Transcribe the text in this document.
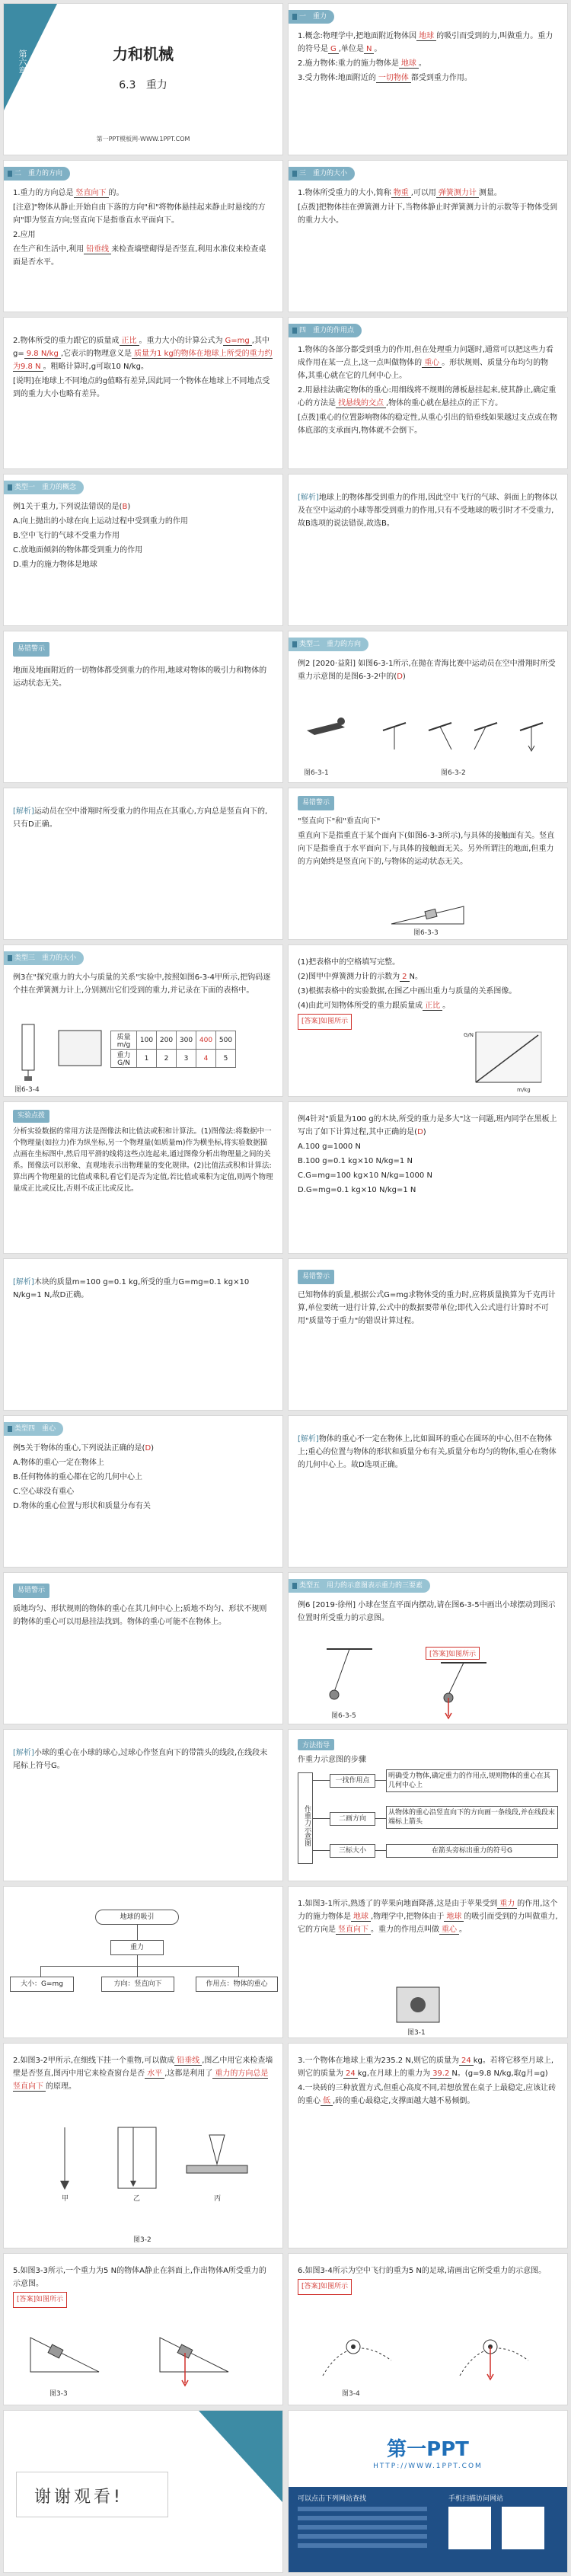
第六章	力和机械
6.3 重力
第一PPT模板网-WWW.1PPT.COM
一　重力

1.概念:物理学中,把地面附近物体因 地球 的吸引而受到的力,叫做重力。重力的符号是 G ,单位是 N 。

2.施力物体:重力的施力物体是 地球 。

3.受力物体:地面附近的 一切物体 都受到重力作用。

二　重力的方向

1.重力的方向总是 竖直向下 的。

[注意]"物体从静止开始自由下落的方向"和"将物体悬挂起来静止时悬线的方向"即为竖直方向;竖直向下是指垂直水平面向下。

2.应用

在生产和生活中,利用 铅垂线 来检查墙壁砌得是否竖直,利用水准仪来检查桌面是否水平。

三　重力的大小

1.物体所受重力的大小,简称 物重 ,可以用 弹簧测力计 测量。

[点拨]把物体挂在弹簧测力计下,当物体静止时弹簧测力计的示数等于物体受到的重力大小。

2.物体所受的重力跟它的质量成 正比 。重力大小的计算公式为 G=mg ,其中g= 9.8 N/kg ,它表示的物理意义是 质量为1 kg的物体在地球上所受的重力约为9.8 N 。粗略计算时,g可取10 N/kg。

[说明]在地球上不同地点的g值略有差异,因此同一个物体在地球上不同地点受到的重力大小也略有差异。

四　重力的作用点

1.物体的各部分都受到重力的作用,但在处理重力问题时,通常可以把这些力看成作用在某一点上,这一点叫做物体的 重心 。形状规则、质量分布均匀的物体,其重心就在它的几何中心上。

2.用悬挂法确定物体的重心:用细线将不规则的薄板悬挂起来,使其静止,确定重心的方法是 找悬线的交点 ,物体的重心就在悬挂点的正下方。

[点拨]重心的位置影响物体的稳定性,从重心引出的铅垂线如果越过支点或在物体底部的支承面内,物体就不会倒下。

类型一　重力的概念

例1关于重力,下列说法错误的是(B)

A.向上抛出的小球在向上运动过程中受到重力的作用

B.空中飞行的气球不受重力作用

C.放地面倾斜的物体都受到重力的作用

D.重力的施力物体是地球

[解析]地球上的物体都受到重力的作用,因此空中飞行的气球、斜面上的物体以及在空中运动的小球等都受到重力的作用,只有不受地球的吸引时才不受重力,故B选项的说法错误,故选B。

易错警示

地面及地面附近的一切物体都受到重力的作用,地球对物体的吸引力和物体的运动状态无关。

类型二　重力的方向

例2 [2020·益阳] 如图6-3-1所示,在抛在青海比赛中运动员在空中滑翔时所受重力示意图的是图6-3-2中的(D)

图6-3-1	图6-3-2

[解析]运动员在空中滑翔时所受重力的作用点在其重心,方向总是竖直向下的,只有D正确。

易错警示

"竖直向下"和"垂直向下"

重直向下是指重直于某个面向下(如图6-3-3所示),与具体的接触面有关。竖直向下是指垂直于水平面向下,与具体的接触面无关。另外所谓注的地面,但重力的方向始终是竖直向下的,与物体的运动状态无关。

图6-3-3
类型三　重力的大小

例3在"探究重力的大小与质量的关系"实验中,按照如图6-3-4甲所示,把钩码逐个挂在弹簧测力计上,分别测出它们受到的重力,并记录在下面的表格中。

质量m/g	100	200	300	400	500
重力G/N	1	2	3	4	5
图6-3-4

(1)把表格中的空格填写完整。

(2)图甲中弹簧测力计的示数为 2 N。

(3)根据表格中的实验数据,在图乙中画出重力与质量的关系图像。

(4)由此可知物体所受的重力跟质量成 正比 。

[答案]如图所示

m/kg
G/N

实验点拨

分析实验数据的常用方法是图像法和比值法或积和计算法。(1)图像法:将数据中一个物理量(如拉力)作为纵坐标,另一个物理量(如质量m)作为横坐标,将实验数据描点画在坐标图中,然后用平滑的线将这些点连起来,通过图像分析出物理量之间的关系。图像法可以形象、直观地表示出物理量的变化规律。(2)比值法或积和计算法:算出两个物理量的比值或乘积,看它们是否为定值,若比值或乘积为定值,则两个物理量成正比或反比,否则不成正比或反比。

例4针对"质量为100 g的木块,所受的重力是多大"这一问题,班内同学在黑板上写出了如下计算过程,其中正确的是(D)

A.100 g=1000 N

B.100 g=0.1 kg×10 N/kg=1 N

C.G=mg=100 kg×10 N/kg=1000 N

D.G=mg=0.1 kg×10 N/kg=1 N

[解析]木块的质量m=100 g=0.1 kg,所受的重力G=mg=0.1 kg×10 N/kg=1 N,故D正确。

易错警示

已知物体的质量,根据公式G=mg求物体受的重力时,应将质量换算为千克再计算,单位要统一进行计算,公式中的数据要带单位;即代入公式进行计算时不可用"质量等于重力"的错误计算过程。

类型四　重心

例5关于物体的重心,下列说法正确的是(D)

A.物体的重心一定在物体上

B.任何物体的重心都在它的几何中心上

C.空心球没有重心

D.物体的重心位置与形状和质量分布有关

[解析]物体的重心不一定在物体上,比如圆环的重心在圆环的中心,但不在物体上;重心的位置与物体的形状和质量分布有关,质量分布均匀的物体,重心在物体的几何中心上。故D选项正确。

易错警示

质地均匀、形状规则的物体的重心在其几何中心上;质地不均匀、形状不规则的物体的重心可以用悬挂法找到。物体的重心可能不在物体上。

类型五　用力的示意图表示重力的三要素

例6 [2019·徐州] 小球在竖直平面内摆动,请在图6-3-5中画出小球摆动到图示位置时所受重力的示意图。

图6-3-5
[答案]如图所示

[解析]小球的重心在小球的球心,过球心作竖直向下的带箭头的线段,在线段末尾标上符号G。

方法指导
作重力示意图的步骤
作重力示意图
一找作用点
二画方向
三标大小
明确受力物体,确定重力的作用点,规则物体的重心在其几何中心上
从物体的重心沿竖直向下的方向画一条线段,并在线段末端标上箭头
在箭头旁标出重力的符号G
地球的吸引
重力
大小：G=mg	方向：竖直向下	作用点：物体的重心

1.如图3-1所示,熟透了的苹果向地面降落,这是由于苹果受到 重力 的作用,这个力的施力物体是 地球 ,物理学中,把物体由于 地球 的吸引而受到的力叫做重力,它的方向是 竖直向下 。重力的作用点叫做 重心 。

图3-1

2.如图3-2甲所示,在细线下挂一个重物,可以做成 铅垂线 ,图乙中用它来检查墙壁是否竖直,图丙中用它来检查窗台是否 水平 ,这都是利用了 重力的方向总是竖直向下 的原理。

甲	乙	丙
图3-2

3.一个物体在地球上重为235.2 N,则它的质量为 24 kg。若将它移至月球上,则它的质量为 24 kg,在月球上的重力为 39.2 N。(g=9.8 N/kg,取g月=g)

4.一块砖的三种放置方式,但重心高度不同,若想放置在桌子上最稳定,应该让砖的重心 低 ,砖的重心最稳定,支撑面越大越不易倾倒。

5.如图3-3所示,一个重力为5 N的物体A静止在斜面上,作出物体A所受重力的示意图。

[答案]如图所示

图3-3

6.如图3-4所示为空中飞行的重为5 N的足球,请画出它所受重力的示意图。

[答案]如图所示

图3-4
谢谢观看!
第一PPT
HTTP://WWW.1PPT.COM
可以点击下列网站查找	手机扫描访问网站
